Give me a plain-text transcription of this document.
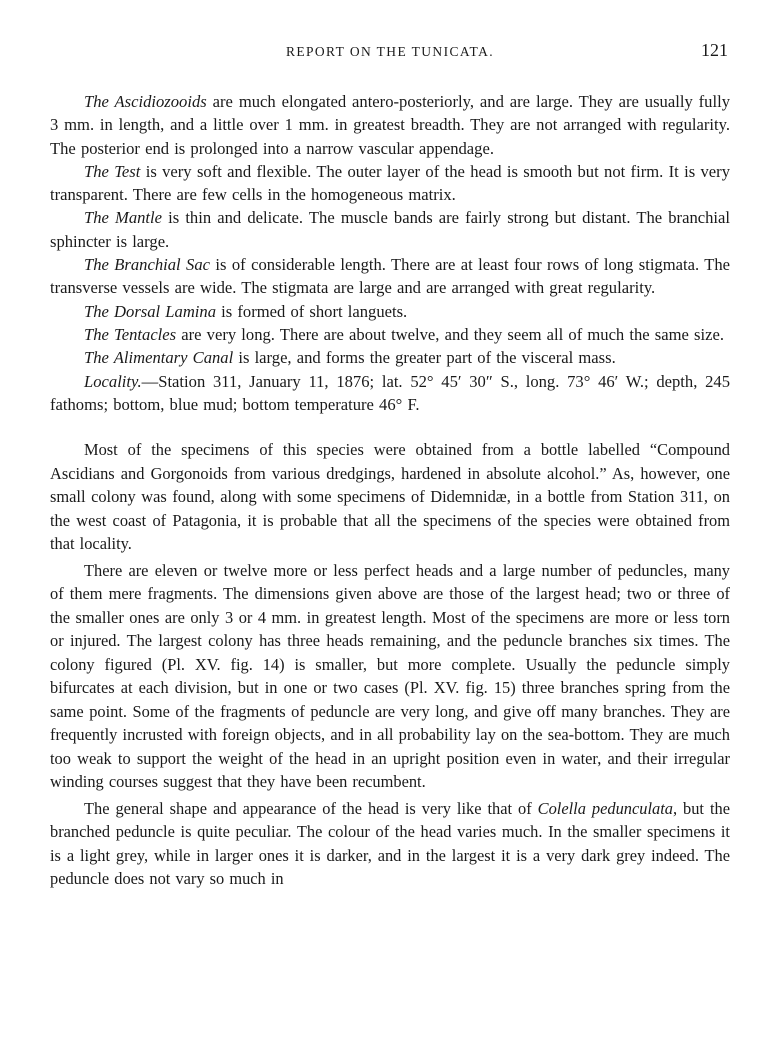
REPORT ON THE TUNICATA.	121

The Ascidiozooids are much elongated antero-posteriorly, and are large. They are usually fully 3 mm. in length, and a little over 1 mm. in greatest breadth. They are not arranged with regularity. The posterior end is prolonged into a narrow vascular appendage.

The Test is very soft and flexible. The outer layer of the head is smooth but not firm. It is very transparent. There are few cells in the homogeneous matrix.

The Mantle is thin and delicate. The muscle bands are fairly strong but distant. The branchial sphincter is large.

The Branchial Sac is of considerable length. There are at least four rows of long stigmata. The transverse vessels are wide. The stigmata are large and are arranged with great regularity.

The Dorsal Lamina is formed of short languets.

The Tentacles are very long. There are about twelve, and they seem all of much the same size.

The Alimentary Canal is large, and forms the greater part of the visceral mass.

Locality.—Station 311, January 11, 1876; lat. 52° 45′ 30″ S., long. 73° 46′ W.; depth, 245 fathoms; bottom, blue mud; bottom temperature 46° F.

Most of the specimens of this species were obtained from a bottle labelled “Compound Ascidians and Gorgonoids from various dredgings, hardened in absolute alcohol.” As, however, one small colony was found, along with some specimens of Didemnidæ, in a bottle from Station 311, on the west coast of Patagonia, it is probable that all the specimens of the species were obtained from that locality.

There are eleven or twelve more or less perfect heads and a large number of peduncles, many of them mere fragments. The dimensions given above are those of the largest head; two or three of the smaller ones are only 3 or 4 mm. in greatest length. Most of the specimens are more or less torn or injured. The largest colony has three heads remaining, and the peduncle branches six times. The colony figured (Pl. XV. fig. 14) is smaller, but more complete. Usually the peduncle simply bifurcates at each division, but in one or two cases (Pl. XV. fig. 15) three branches spring from the same point. Some of the fragments of peduncle are very long, and give off many branches. They are frequently incrusted with foreign objects, and in all probability lay on the sea-bottom. They are much too weak to support the weight of the head in an upright position even in water, and their irregular winding courses suggest that they have been recumbent.

The general shape and appearance of the head is very like that of Colella pedunculata, but the branched peduncle is quite peculiar. The colour of the head varies much. In the smaller specimens it is a light grey, while in larger ones it is darker, and in the largest it is a very dark grey indeed. The peduncle does not vary so much in
